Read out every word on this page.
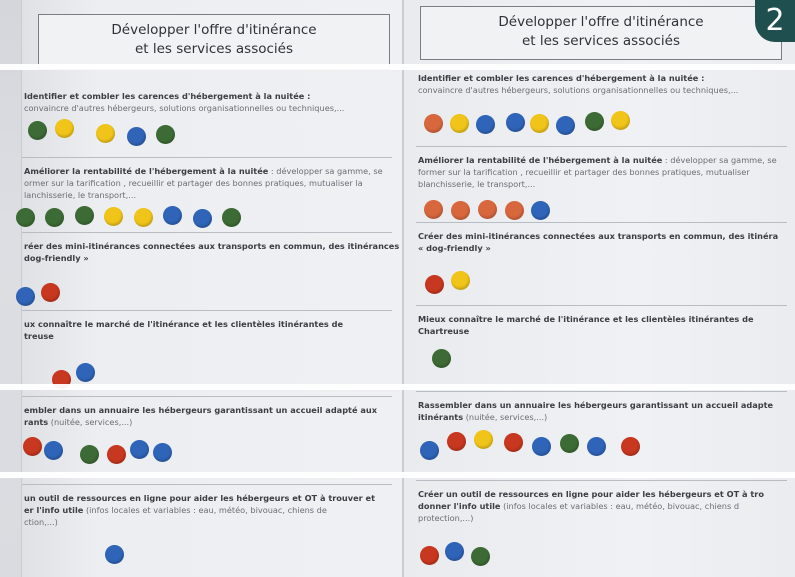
Développer l'offre d'itinérance
et les services associés
Développer l'offre d'itinérance
et les services associés
Identifier et combler les carences d'hébergement à la nuitée :
convaincre d'autres hébergeurs, solutions organisationnelles ou techniques,...
Améliorer la rentabilité de l'hébergement à la nuitée : développer sa gamme, se
ormer sur la tarification , recueillir et partager des bonnes pratiques, mutualiser la
lanchisserie, le transport,...
réer des mini-itinérances connectées aux transports en commun, des itinérances
dog-friendly »
ux connaître le marché de l'itinérance et les clientèles itinérantes de
treuse
embler dans un annuaire les hébergeurs garantissant un accueil adapté aux
rants (nuitée, services,...)
un outil de ressources en ligne pour aider les hébergeurs et OT à trouver et
er l'info utile (infos locales et variables : eau, météo, bivouac, chiens de
ction,...)
Identifier et combler les carences d'hébergement à la nuitée :
convaincre d'autres hébergeurs, solutions organisationnelles ou techniques,...
Améliorer la rentabilité de l'hébergement à la nuitée : développer sa gamme, se
former sur la tarification , recueillir et partager des bonnes pratiques, mutualiser
blanchisserie, le transport,...
Créer des mini-itinérances connectées aux transports en commun, des itinéra
« dog-friendly »
Mieux connaître le marché de l'itinérance et les clientèles itinérantes de
Chartreuse
Rassembler dans un annuaire les hébergeurs garantissant un accueil adapte
itinérants (nuitée, services,...)
Créer un outil de ressources en ligne pour aider les hébergeurs et OT à tro
donner l'info utile (infos locales et variables : eau, météo, bivouac, chiens d
protection,...)
2
